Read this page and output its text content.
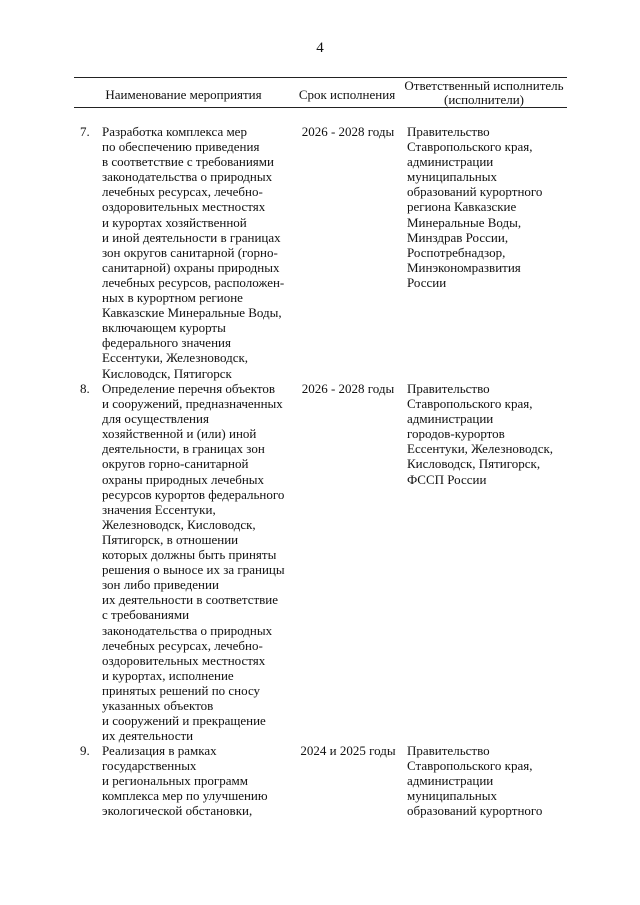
4
Наименование мероприятия	Срок исполнения
Ответственный исполнитель (исполнители)
7. Разработка комплекса мер
по обеспечению приведения
в соответствие с требованиями
законодательства о природных
лечебных ресурсах, лечебно-
оздоровительных местностях
и курортах хозяйственной
и иной деятельности в границах
зон округов санитарной (горно-
санитарной) охраны природных
лечебных ресурсов, расположен-
ных в курортном регионе
Кавказские Минеральные Воды,
включающем курорты
федерального значения
Ессентуки, Железноводск,
Кисловодск, Пятигорск
2026 - 2028 годы Правительство
Ставропольского края,
администрации
муниципальных
образований курортного
региона Кавказские
Минеральные Воды,
Минздрав России,
Роспотребнадзор,
Минэкономразвития
России
8. Определение перечня объектов
и сооружений, предназначенных
для осуществления
хозяйственной и (или) иной
деятельности, в границах зон
округов горно-санитарной
охраны природных лечебных
ресурсов курортов федерального
значения Ессентуки,
Железноводск, Кисловодск,
Пятигорск, в отношении
которых должны быть приняты
решения о выносе их за границы
зон либо приведении
их деятельности в соответствие
с требованиями
законодательства о природных
лечебных ресурсах, лечебно-
оздоровительных местностях
и курортах, исполнение
принятых решений по сносу
указанных объектов
и сооружений и прекращение
их деятельности
2026 - 2028 годы Правительство
Ставропольского края,
администрации
городов-курортов
Ессентуки, Железноводск,
Кисловодск, Пятигорск,
ФССП России
9. Реализация в рамках
государственных
и региональных программ
комплекса мер по улучшению
экологической обстановки,
2024 и 2025 годы Правительство
Ставропольского края,
администрации
муниципальных
образований курортного
